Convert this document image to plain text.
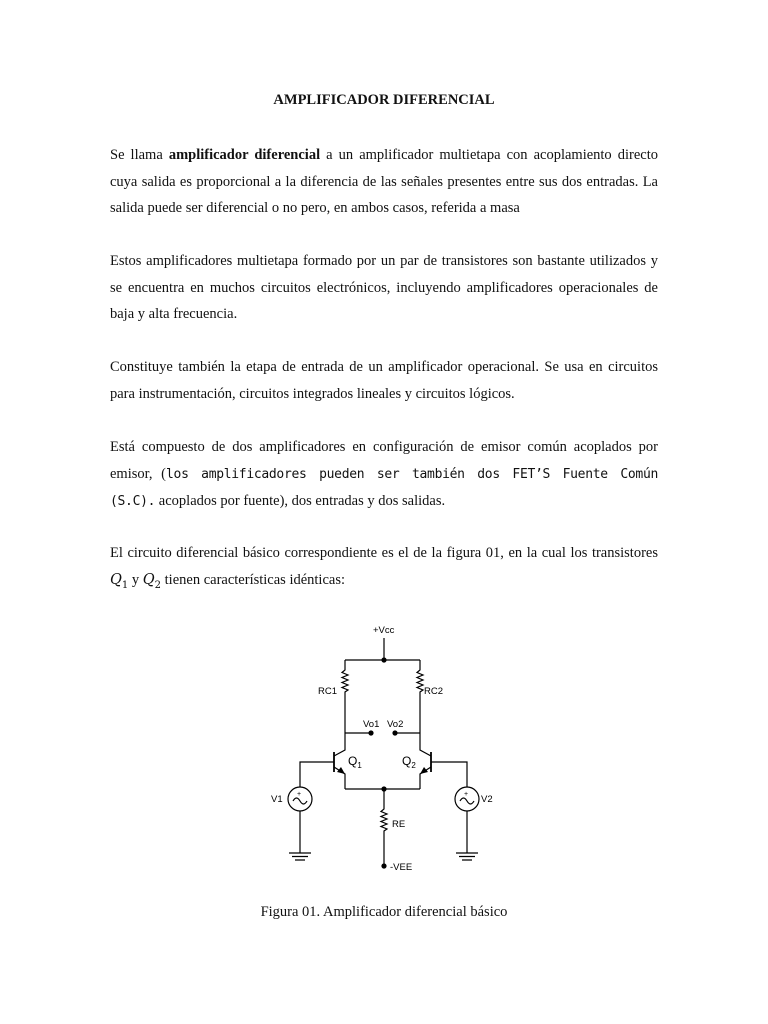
AMPLIFICADOR DIFERENCIAL
Se llama amplificador diferencial a un amplificador multietapa con acoplamiento directo cuya salida es proporcional a la diferencia de las señales presentes entre sus dos entradas. La salida puede ser diferencial o no pero, en ambos casos, referida a masa
Estos amplificadores multietapa formado por un par de transistores son bastante utilizados y se encuentra en muchos circuitos electrónicos, incluyendo amplificadores operacionales de baja y alta frecuencia.
Constituye también la etapa de entrada de un amplificador operacional. Se usa en circuitos para instrumentación, circuitos integrados lineales y circuitos lógicos.
Está compuesto de dos amplificadores en configuración de emisor común acoplados por emisor, (los amplificadores pueden ser también dos FET’S Fuente Común (S.C). acoplados por fuente), dos entradas y dos salidas.
El circuito diferencial básico correspondiente es el de la figura 01, en la cual los transistores $Q_1$ y $Q_2$ tienen características idénticas:
+Vcc
RC1	RC2
Vo1 Vo2
V1	V2
RE
-VEE
+	+
$Q_1$	$Q_2$
Figura 01. Amplificador diferencial básico
